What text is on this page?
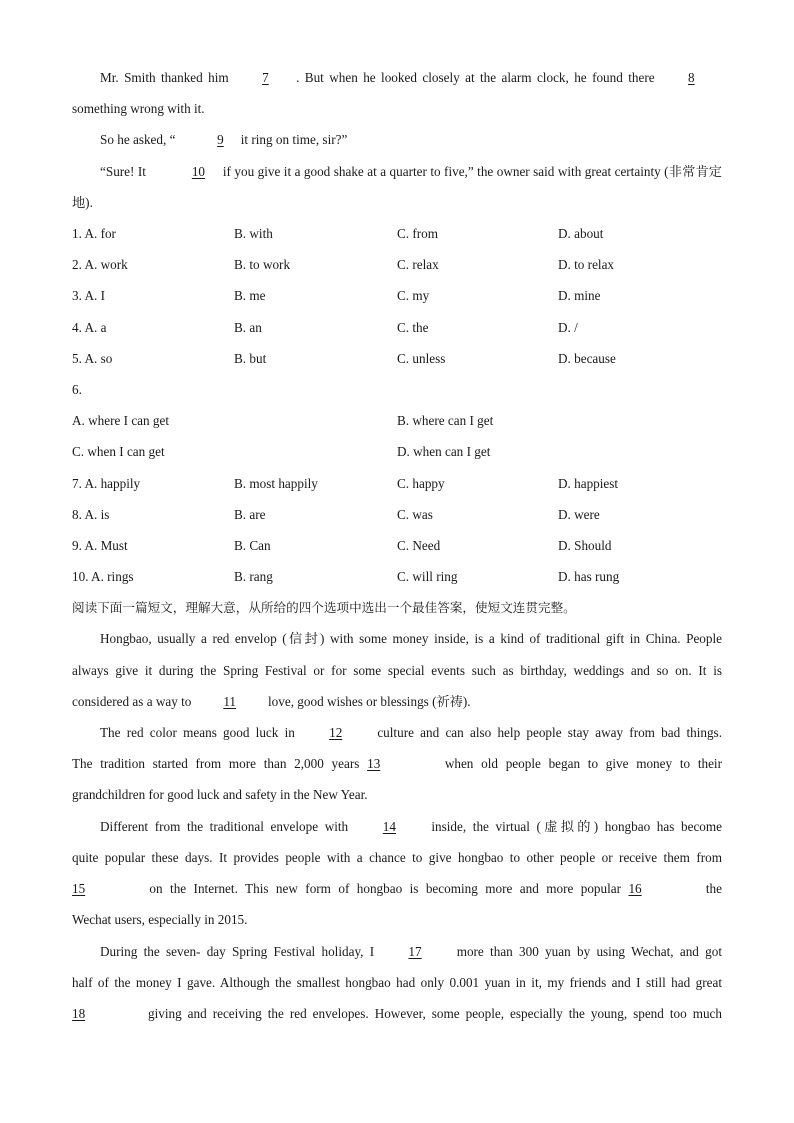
Mr. Smith thanked him 7 . But when he looked closely at the alarm clock, he found there 8

something wrong with it.

So he asked, “	9 it ring on time, sir?”

“Sure! It	10 if you give it a good shake at a quarter to five,” the owner said with great certainty (非常肯定地).

1. A. for	B. with	C. from	D. about
2. A. work	B. to work	C. relax	D. to relax
3. A. I	B. me	C. my	D. mine
4. A. a	B. an	C. the	D. /
5. A. so	B. but	C. unless	D. because
6.
A. where I can get	B. where can I get
C. when I can get	D. when can I get
7. A. happily	B. most happily	C. happy	D. happiest
8. A. is	B. are	C. was	D. were
9. A. Must	B. Can	C. Need	D. Should
10. A. rings	B. rang	C. will ring	D. has rung

阅读下面一篇短文，理解大意，从所给的四个选项中选出一个最佳答案，使短文连贯完整。

Hongbao, usually a red envelop (信封) with some money inside, is a kind of traditional gift in China. People

always give it during the Spring Festival or for some special events such as birthday, weddings and so on. It is

considered as a way to 11 love, good wishes or blessings (祈祷).

The red color means good luck in 12 culture and can also help people stay away from bad things.

The tradition started from more than 2,000 years 13	when old people began to give money to their

grandchildren for good luck and safety in the New Year.

Different from the traditional envelope with 14 inside, the virtual (虚拟的) hongbao has become

quite popular these days. It provides people with a chance to give hongbao to other people or receive them from

15	on the Internet. This new form of hongbao is becoming more and more popular 16	the

Wechat users, especially in 2015.

During the seven- day Spring Festival holiday, I 17 more than 300 yuan by using Wechat, and got

half of the money I gave. Although the smallest hongbao had only 0.001 yuan in it, my friends and I still had great

18	giving and receiving the red envelopes. However, some people, especially the young, spend too much
